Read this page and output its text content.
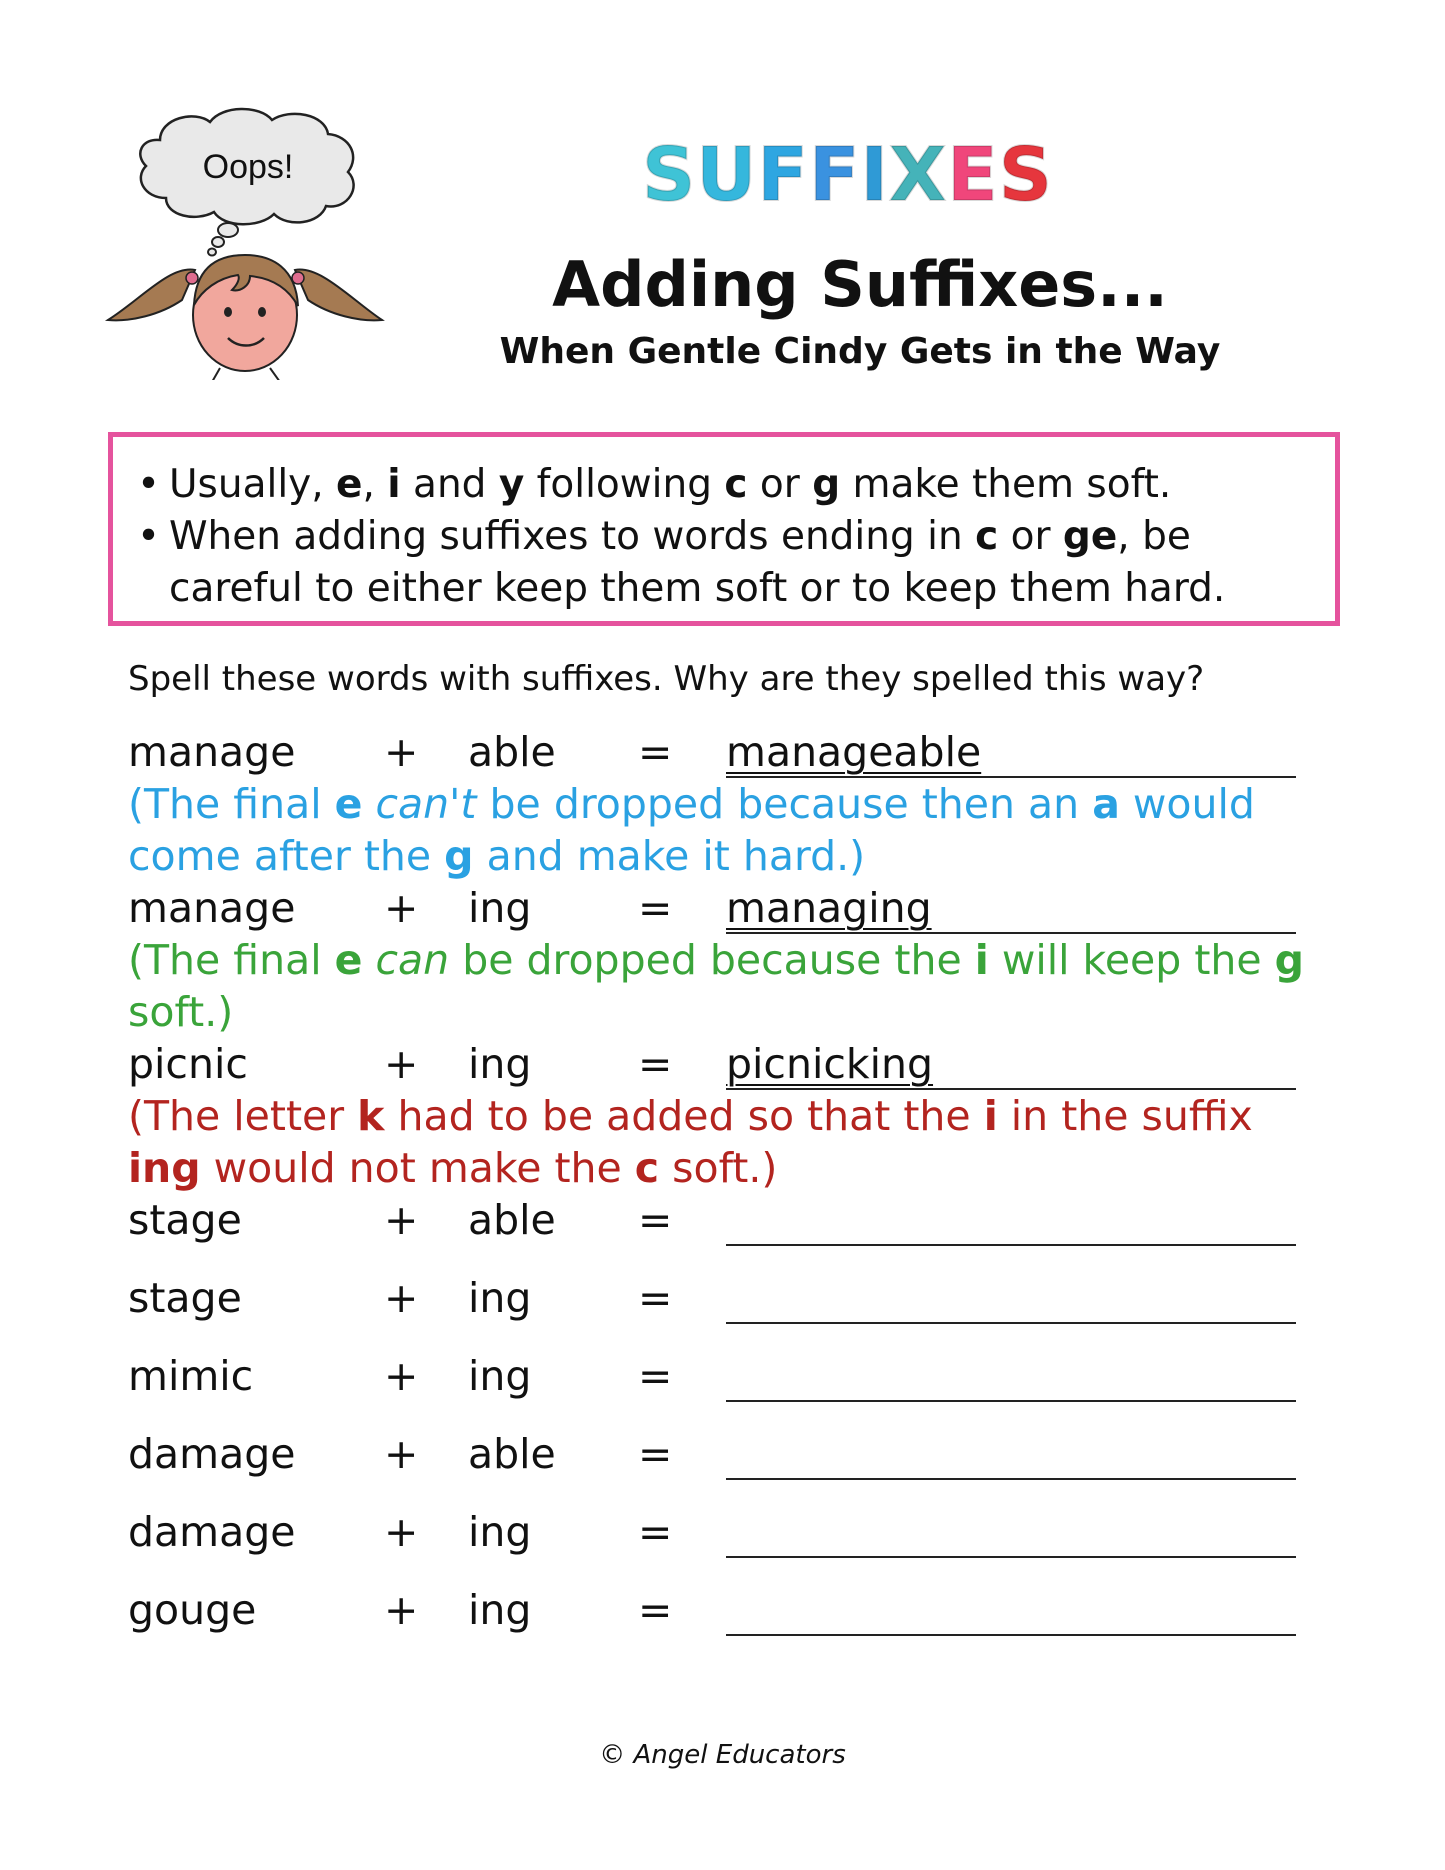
Oops!	SUFFIXES
Adding Suffixes...
When Gentle Cindy Gets in the Way
• Usually, e, i and y following c or g make them soft.
• When adding suffixes to words ending in c or ge, be careful to either keep them soft or to keep them hard.
Spell these words with suffixes. Why are they spelled this way?
manage + able = manageable
(The final e can't be dropped because then an a would come after the g and make it hard.)
manage + ing	= managing
(The final e can be dropped because the i will keep the g soft.)
picnic	+ ing	= picnicking
(The letter k had to be added so that the i in the suffix ing would not make the c soft.)
stage	+ able =
stage	+ ing	=
mimic	+ ing	=
damage + able =
damage + ing	=
gouge	+ ing	=
© Angel Educators
